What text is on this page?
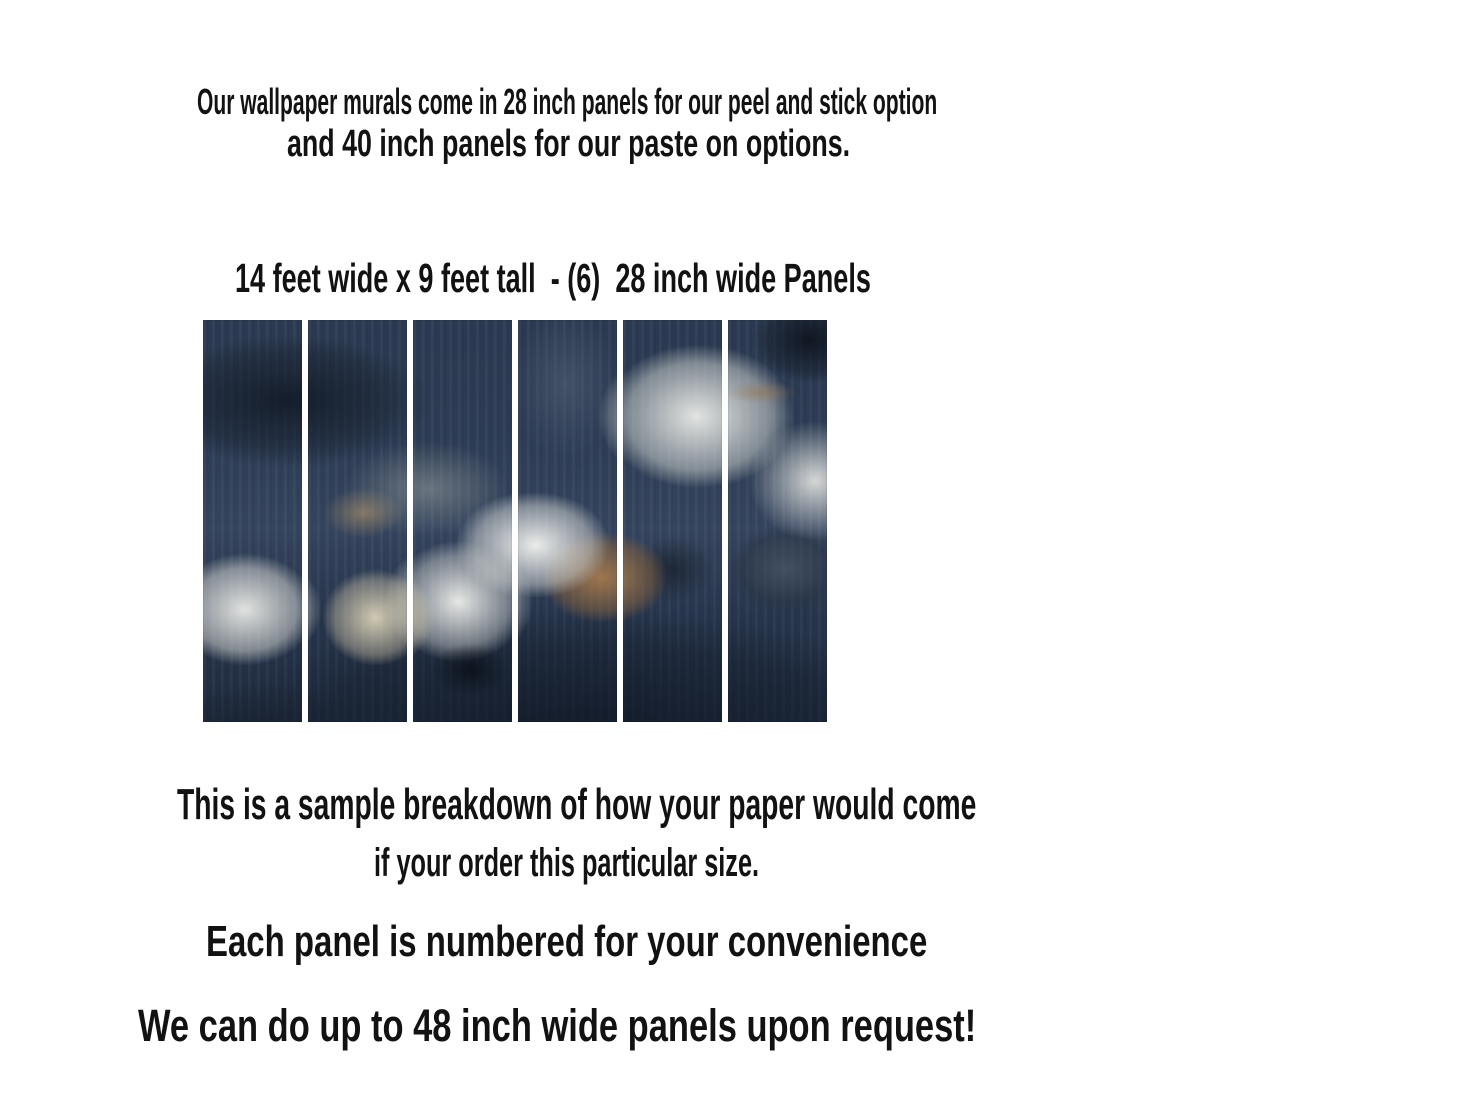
Our wallpaper murals come in 28 inch panels for our peel and stick option

and 40 inch panels for our paste on options.

14 feet wide x 9 feet tall  - (6)  28 inch wide Panels

This is a sample breakdown of how your paper would come

if your order this particular size.

Each panel is numbered for your convenience

We can do up to 48 inch wide panels upon request!
